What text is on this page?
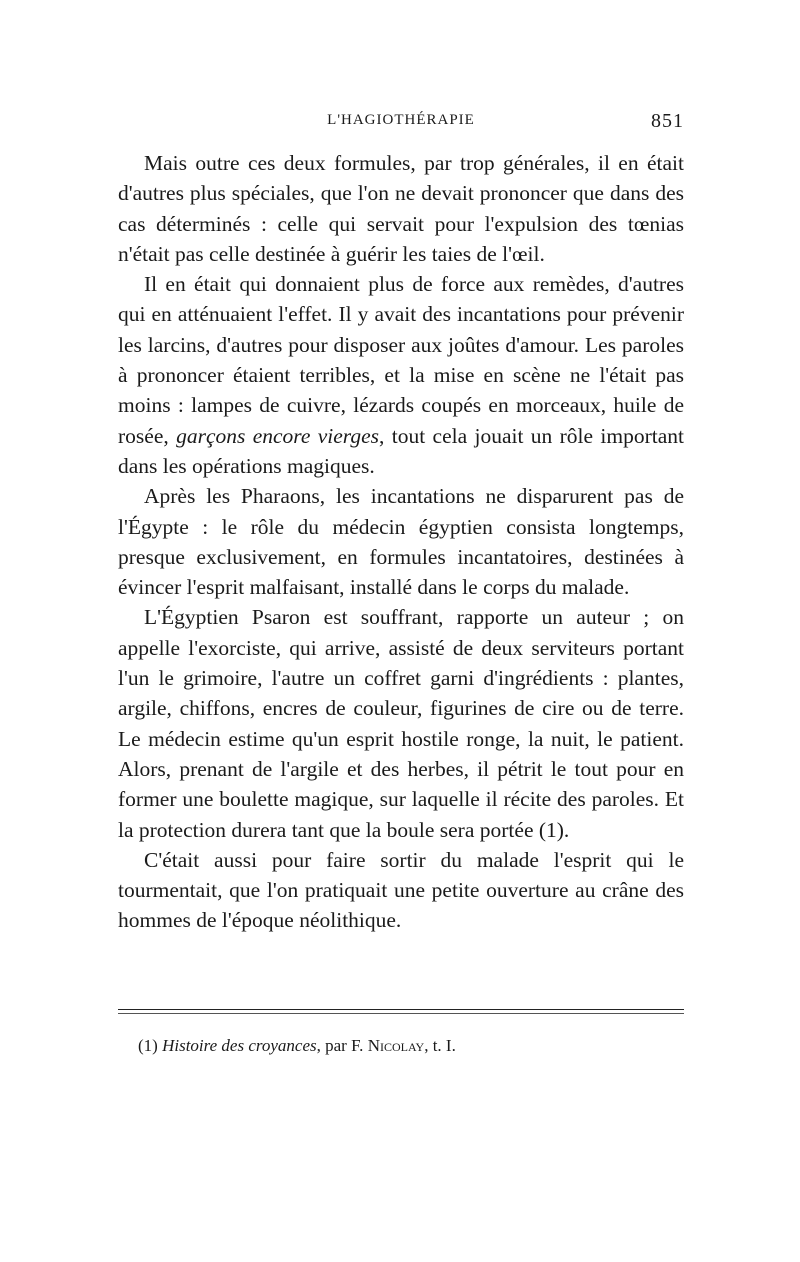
L'HAGIOTHÉRAPIE	851

Mais outre ces deux formules, par trop générales, il en était d'autres plus spéciales, que l'on ne devait prononcer que dans des cas déterminés : celle qui servait pour l'expulsion des tœnias n'était pas celle destinée à guérir les taies de l'œil.

Il en était qui donnaient plus de force aux remèdes, d'autres qui en atténuaient l'effet. Il y avait des incantations pour prévenir les larcins, d'autres pour disposer aux joûtes d'amour. Les paroles à prononcer étaient terribles, et la mise en scène ne l'était pas moins : lampes de cuivre, lézards coupés en morceaux, huile de rosée, garçons encore vierges, tout cela jouait un rôle important dans les opérations magiques.

Après les Pharaons, les incantations ne disparurent pas de l'Égypte : le rôle du médecin égyptien consista longtemps, presque exclusivement, en formules incantatoires, destinées à évincer l'esprit malfaisant, installé dans le corps du malade.

L'Égyptien Psaron est souffrant, rapporte un auteur ; on appelle l'exorciste, qui arrive, assisté de deux serviteurs portant l'un le grimoire, l'autre un coffret garni d'ingrédients : plantes, argile, chiffons, encres de couleur, figurines de cire ou de terre. Le médecin estime qu'un esprit hostile ronge, la nuit, le patient. Alors, prenant de l'argile et des herbes, il pétrit le tout pour en former une boulette magique, sur laquelle il récite des paroles. Et la protection durera tant que la boule sera portée (1).

C'était aussi pour faire sortir du malade l'esprit qui le tourmentait, que l'on pratiquait une petite ouverture au crâne des hommes de l'époque néolithique.

(1) Histoire des croyances, par F. Nicolay, t. I.
